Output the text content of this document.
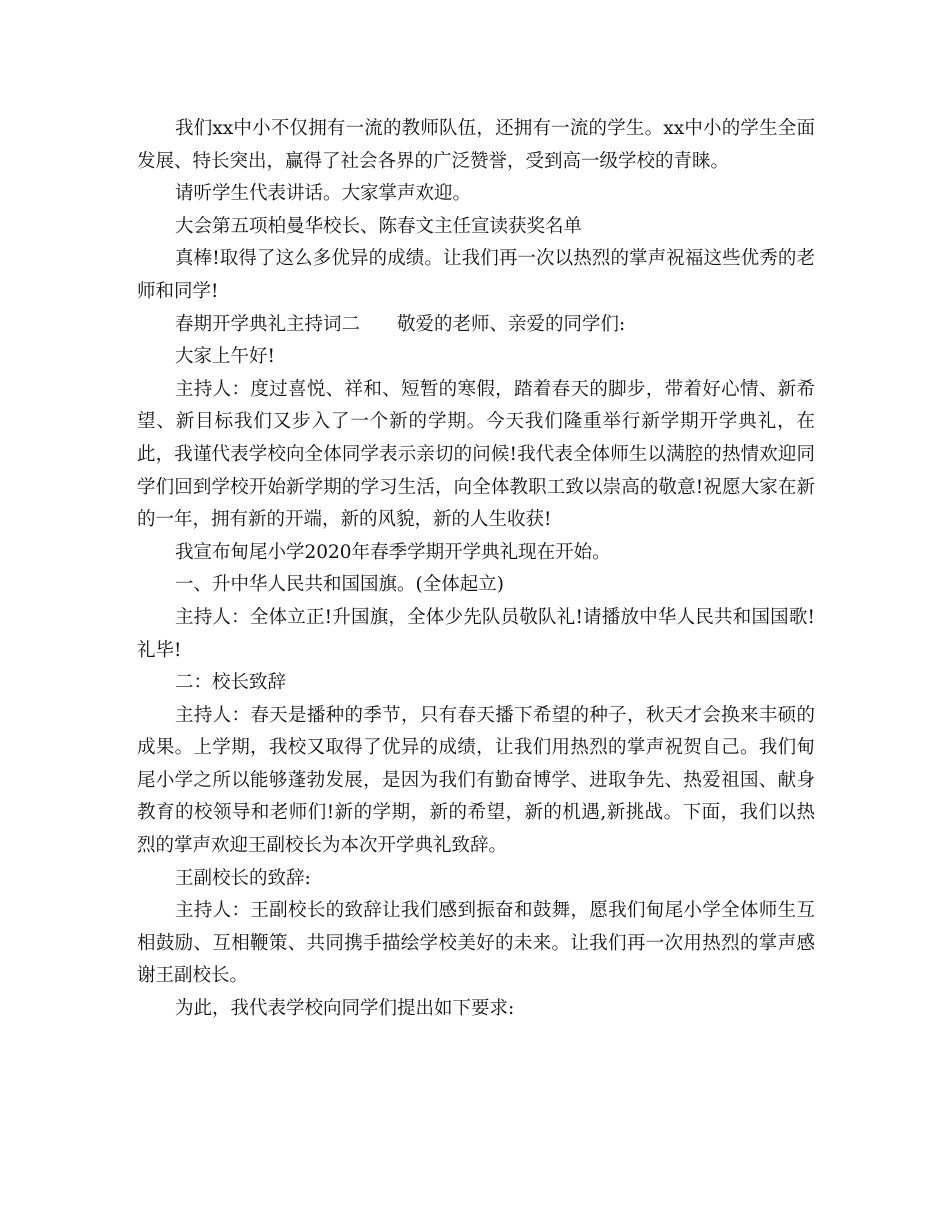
我们xx中小不仅拥有一流的教师队伍，还拥有一流的学生。xx中小的学生全面发展、特长突出，赢得了社会各界的广泛赞誉，受到高一级学校的青睐。

请听学生代表讲话。大家掌声欢迎。

大会第五项柏曼华校长、陈春文主任宣读获奖名单

真棒!取得了这么多优异的成绩。让我们再一次以热烈的掌声祝福这些优秀的老师和同学!

春期开学典礼主持词二　　敬爱的老师、亲爱的同学们:

大家上午好!

主持人：度过喜悦、祥和、短暂的寒假，踏着春天的脚步，带着好心情、新希望、新目标我们又步入了一个新的学期。今天我们隆重举行新学期开学典礼，在此，我谨代表学校向全体同学表示亲切的问候!我代表全体师生以满腔的热情欢迎同学们回到学校开始新学期的学习生活，向全体教职工致以崇高的敬意!祝愿大家在新的一年，拥有新的开端，新的风貌，新的人生收获!

我宣布甸尾小学2020年春季学期开学典礼现在开始。

一、升中华人民共和国国旗。(全体起立)

主持人：全体立正!升国旗，全体少先队员敬队礼!请播放中华人民共和国国歌!礼毕!

二：校长致辞

主持人：春天是播种的季节，只有春天播下希望的种子，秋天才会换来丰硕的成果。上学期，我校又取得了优异的成绩，让我们用热烈的掌声祝贺自己。我们甸尾小学之所以能够蓬勃发展，是因为我们有勤奋博学、进取争先、热爱祖国、献身教育的校领导和老师们!新的学期，新的希望，新的机遇,新挑战。下面，我们以热烈的掌声欢迎王副校长为本次开学典礼致辞。

王副校长的致辞:

主持人：王副校长的致辞让我们感到振奋和鼓舞，愿我们甸尾小学全体师生互相鼓励、互相鞭策、共同携手描绘学校美好的未来。让我们再一次用热烈的掌声感谢王副校长。

为此，我代表学校向同学们提出如下要求:
